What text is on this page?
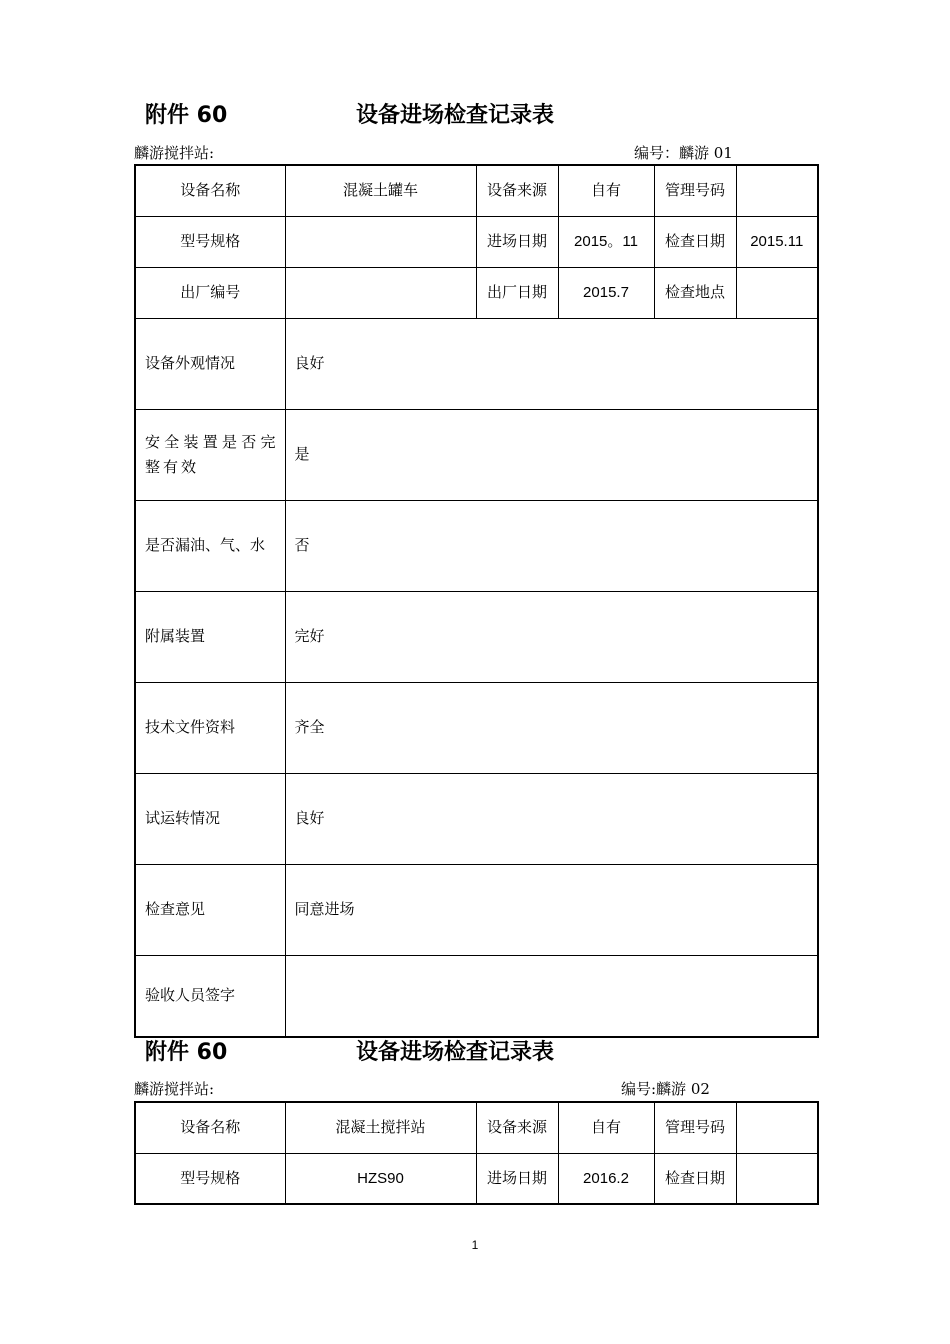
附件 60	设备进场检查记录表
麟游搅拌站:	编号：麟游 01
设备名称	混凝土罐车	设备来源	自有	管理号码	
型号规格		进场日期	2015。11	检查日期	2015.11
出厂编号		出厂日期	2015.7	检查地点	
设备外观情况	良好				
安全装置是否完整有效	是				
是否漏油、气、水	否				
附属装置	完好				
技术文件资料	齐全				
试运转情况	良好				
检查意见	同意进场				
验收人员签字					
附件 60	设备进场检查记录表
麟游搅拌站:	编号:麟游 02
设备名称	混凝土搅拌站	设备来源	自有	管理号码	
型号规格	HZS90	进场日期	2016.2	检查日期	
1
